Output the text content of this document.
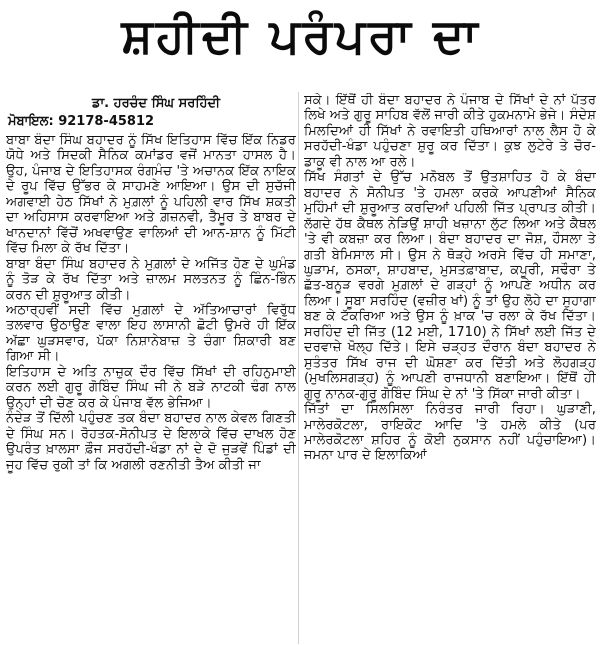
ਸ਼ਹੀਦੀ ਪਰੰਪਰਾ ਦਾ
ਡਾ. ਹਰਚੰਦ ਸਿੰਘ ਸਰਹਿੰਦੀ
ਮੋਬਾਇਲ: 92178-45812

ਬਾਬਾ ਬੰਦਾ ਸਿੰਘ ਬਹਾਦਰ ਨੂੰ ਸਿੱਖ ਇਤਿਹਾਸ ਵਿੱਚ ਇੱਕ ਨਿਡਰ ਯੋਧੇ ਅਤੇ ਸਿਦਕੀ ਸੈਨਿਕ ਕਮਾਂਡਰ ਵਜੋਂ ਮਾਨਤਾ ਹਾਸਲ ਹੈ। ਉਹ, ਪੰਜਾਬ ਦੇ ਇਤਿਹਾਸਕ ਰੰਗਮੰਚ 'ਤੇ ਅਚਾਨਕ ਇੱਕ ਨਾਇਕ ਦੇ ਰੂਪ ਵਿੱਚ ਉੱਭਰ ਕੇ ਸਾਹਮਣੇ ਆਇਆ। ਉਸ ਦੀ ਸੁਚੱਜੀ ਅਗਵਾਈ ਹੇਠ ਸਿੱਖਾਂ ਨੇ ਮੁਗ਼ਲਾਂ ਨੂੰ ਪਹਿਲੀ ਵਾਰ ਸਿੱਖ ਸ਼ਕਤੀ ਦਾ ਅਹਿਸਾਸ ਕਰਵਾਇਆ ਅਤੇ ਗ਼ਜ਼ਨਵੀ, ਤੈਮੂਰ ਤੇ ਬਾਬਰ ਦੇ ਖਾਨਦਾਨਾਂ ਵਿੱਚੋਂ ਅਖਵਾਉਣ ਵਾਲਿਆਂ ਦੀ ਆਨ-ਸ਼ਾਨ ਨੂੰ ਮਿੱਟੀ ਵਿੱਚ ਮਿਲਾ ਕੇ ਰੱਖ ਦਿੱਤਾ।

ਬਾਬਾ ਬੰਦਾ ਸਿੰਘ ਬਹਾਦਰ ਨੇ ਮੁਗ਼ਲਾਂ ਦੇ ਅਜਿੱਤ ਹੋਣ ਦੇ ਘੁਮੰਡ ਨੂੰ ਤੋੜ ਕੇ ਰੱਖ ਦਿੱਤਾ ਅਤੇ ਜ਼ਾਲਮ ਸਲਤਨਤ ਨੂੰ ਛਿੰਨ-ਭਿੰਨ ਕਰਨ ਦੀ ਸ਼ੁਰੂਆਤ ਕੀਤੀ।

ਅਠਾਰ੍ਹਵੀਂ ਸਦੀ ਵਿੱਚ ਮੁਗ਼ਲਾਂ ਦੇ ਅੱਤਿਆਚਾਰਾਂ ਵਿਰੁੱਧ ਤਲਵਾਰ ਉਠਾਉਣ ਵਾਲਾ ਇਹ ਲਾਸਾਨੀ ਛੋਟੀ ਉਮਰੇ ਹੀ ਇੱਕ ਅੱਛਾ ਘੁੜਸਵਾਰ, ਪੱਕਾ ਨਿਸ਼ਾਨੇਬਾਜ਼ ਤੇ ਚੰਗਾ ਸ਼ਿਕਾਰੀ ਬਣ ਗਿਆ ਸੀ।

ਇਤਿਹਾਸ ਦੇ ਅਤਿ ਨਾਜ਼ੁਕ ਦੌਰ ਵਿੱਚ ਸਿੱਖਾਂ ਦੀ ਰਹਿਨੁਮਾਈ ਕਰਨ ਲਈ ਗੁਰੂ ਗੋਬਿੰਦ ਸਿੰਘ ਜੀ ਨੇ ਬੜੇ ਨਾਟਕੀ ਢੰਗ ਨਾਲ ਉਨ੍ਹਾਂ ਦੀ ਚੋਣ ਕਰ ਕੇ ਪੰਜਾਬ ਵੱਲ ਭੇਜਿਆ।

ਨੰਦੇੜ ਤੋਂ ਦਿੱਲੀ ਪਹੁੰਚਣ ਤਕ ਬੰਦਾ ਬਹਾਦਰ ਨਾਲ ਕੇਵਲ ਗਿਣਤੀ ਦੇ ਸਿੰਘ ਸਨ। ਰੋਹਤਕ-ਸੋਨੀਪਤ ਦੇ ਇਲਾਕੇ ਵਿੱਚ ਦਾਖਲ ਹੋਣ ਉਪਰੰਤ ਖ਼ਾਲਸਾ ਫ਼ੌਜ ਸਰਹੱਦੀ-ਖੰਡਾ ਨਾਂ ਦੇ ਦੋ ਜੁੜਵੇਂ ਪਿੰਡਾਂ ਦੀ ਜੂਹ ਵਿੱਚ ਰੁਕੀ ਤਾਂ ਕਿ ਅਗਲੀ ਰਣਨੀਤੀ ਤੈਅ ਕੀਤੀ ਜਾ

ਸਕੇ। ਇੱਥੋਂ ਹੀ ਬੰਦਾ ਬਹਾਦਰ ਨੇ ਪੰਜਾਬ ਦੇ ਸਿੱਖਾਂ ਦੇ ਨਾਂ ਪੱਤਰ ਲਿਖੇ ਅਤੇ ਗੁਰੂ ਸਾਹਿਬ ਵੱਲੋਂ ਜਾਰੀ ਕੀਤੇ ਹੁਕਮਨਾਮੇ ਭੇਜੇ। ਸੰਦੇਸ਼ ਮਿਲਦਿਆਂ ਹੀ ਸਿੱਖਾਂ ਨੇ ਰਵਾਇਤੀ ਹਥਿਆਰਾਂ ਨਾਲ ਲੈਸ ਹੋ ਕੇ ਸਰਹੱਦੀ-ਖੰਡਾ ਪਹੁੰਚਣਾ ਸ਼ੁਰੂ ਕਰ ਦਿੱਤਾ। ਕੁਝ ਲੁਟੇਰੇ ਤੇ ਚੋਰ-ਡਾਕੂ ਵੀ ਨਾਲ ਆ ਰਲੇ।

ਸਿੱਖ ਸੰਗਤਾਂ ਦੇ ਉੱਚ ਮਨੋਬਲ ਤੋਂ ਉਤਸ਼ਾਹਿਤ ਹੋ ਕੇ ਬੰਦਾ ਬਹਾਦਰ ਨੇ ਸੋਨੀਪਤ 'ਤੇ ਹਮਲਾ ਕਰਕੇ ਆਪਣੀਆਂ ਸੈਨਿਕ ਮੁਹਿੰਮਾਂ ਦੀ ਸ਼ੁਰੂਆਤ ਕਰਦਿਆਂ ਪਹਿਲੀ ਜਿੱਤ ਪ੍ਰਾਪਤ ਕੀਤੀ। ਲੱਗਦੇ ਹੱਥ ਕੈਥਲ ਨੇੜਿਉਂ ਸ਼ਾਹੀ ਖਜ਼ਾਨਾ ਲੁੱਟ ਲਿਆ ਅਤੇ ਕੈਥਲ 'ਤੇ ਵੀ ਕਬਜ਼ਾ ਕਰ ਲਿਆ। ਬੰਦਾ ਬਹਾਦਰ ਦਾ ਜੋਸ਼, ਹੌਸਲਾ ਤੇ ਗਤੀ ਬੇਮਿਸਾਲ ਸੀ। ਉਸ ਨੇ ਥੋੜ੍ਹੇ ਅਰਸੇ ਵਿੱਚ ਹੀ ਸਮਾਣਾ, ਘੁੜਾਮ, ਠਸਕਾ, ਸ਼ਾਹਬਾਦ, ਮੁਸਤਫ਼ਾਬਾਦ, ਕਪੂਰੀ, ਸਢੌਰਾ ਤੇ ਛੱਤ-ਬਨੂੜ ਵਰਗੇ ਮੁਗ਼ਲਾਂ ਦੇ ਗੜ੍ਹਾਂ ਨੂੰ ਆਪਣੇ ਅਧੀਨ ਕਰ ਲਿਆ। ਸੂਬਾ ਸਰਹਿੰਦ (ਵਜ਼ੀਰ ਖਾਂ) ਨੂੰ ਤਾਂ ਉਹ ਲੋਹੇ ਦਾ ਸੁਹਾਗਾ ਬਣ ਕੇ ਟੱਕਰਿਆ ਅਤੇ ਉਸ ਨੂੰ ਖ਼ਾਕ 'ਚ ਰਲਾ ਕੇ ਰੱਖ ਦਿੱਤਾ। ਸਰਹਿੰਦ ਦੀ ਜਿੱਤ (12 ਮਈ, 1710) ਨੇ ਸਿੱਖਾਂ ਲਈ ਜਿੱਤ ਦੇ ਦਰਵਾਜ਼ੇ ਖੋਲ੍ਹ ਦਿੱਤੇ। ਇਸੇ ਚੜ੍ਹਤ ਦੌਰਾਨ ਬੰਦਾ ਬਹਾਦਰ ਨੇ ਸੁਤੰਤਰ ਸਿੱਖ ਰਾਜ ਦੀ ਘੋਸ਼ਣਾ ਕਰ ਦਿੱਤੀ ਅਤੇ ਲੋਹਗੜ੍ਹ (ਮੁਖਲਿਸਗੜ੍ਹ) ਨੂੰ ਆਪਣੀ ਰਾਜਧਾਨੀ ਬਣਾਇਆ। ਇੱਥੋਂ ਹੀ ਗੁਰੂ ਨਾਨਕ-ਗੁਰੂ ਗੋਬਿੰਦ ਸਿੰਘ ਦੇ ਨਾਂ 'ਤੇ ਸਿੱਕਾ ਜਾਰੀ ਕੀਤਾ।

ਜਿੱਤਾਂ ਦਾ ਸਿਲਸਿਲਾ ਨਿਰੰਤਰ ਜਾਰੀ ਰਿਹਾ। ਘੁੜਾਣੀ, ਮਾਲੇਰਕੋਟਲਾ, ਰਾਇਕੋਟ ਆਦਿ 'ਤੇ ਹਮਲੇ ਕੀਤੇ (ਪਰ ਮਾਲੇਰਕੋਟਲਾ ਸ਼ਹਿਰ ਨੂੰ ਕੋਈ ਨੁਕਸਾਨ ਨਹੀਂ ਪਹੁੰਚਾਇਆ)। ਜਮਨਾ ਪਾਰ ਦੇ ਇਲਾਕਿਆਂ
